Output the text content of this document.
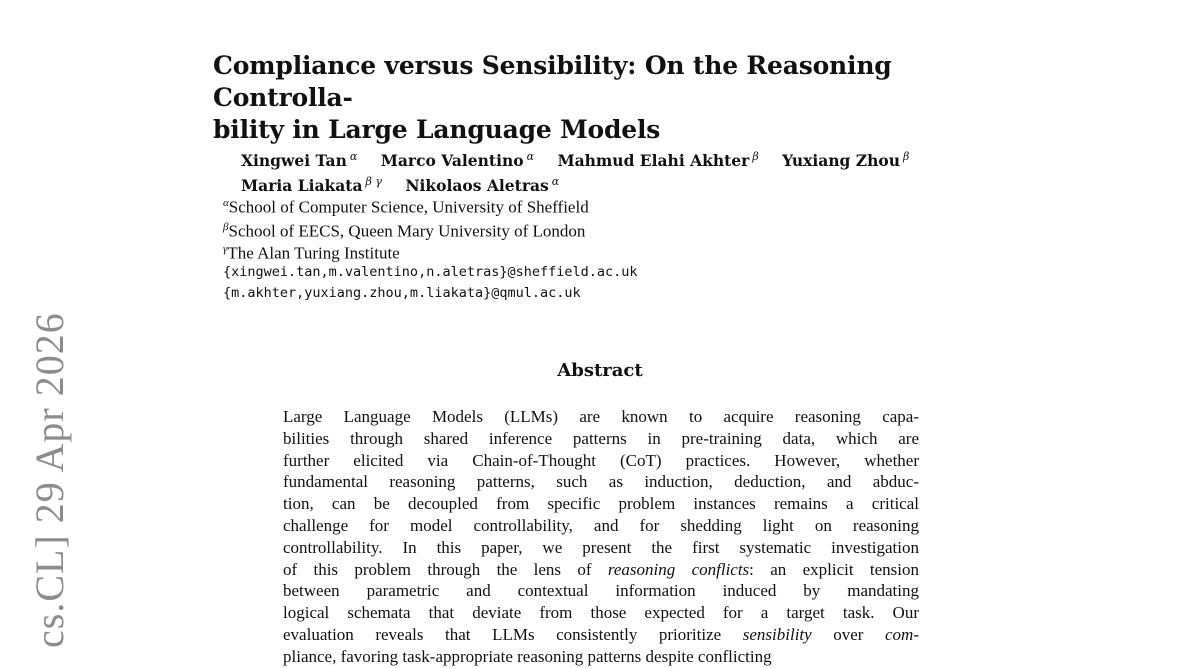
Compliance versus Sensibility: On the Reasoning Controlla-
bility in Large Language Models
Xingwei Tan $^\alpha$ Marco Valentino $^\alpha$ Mahmud Elahi Akhter $^\beta$ Yuxiang Zhou $^\beta$
Maria Liakata $^{\beta \gamma}$ Nikolaos Aletras $^\alpha$
$^\alpha$School of Computer Science, University of Sheffield
$^\beta$School of EECS, Queen Mary University of London
$^\gamma$The Alan Turing Institute
{xingwei.tan,m.valentino,n.aletras}@sheffield.ac.uk
{m.akhter,yuxiang.zhou,m.liakata}@qmul.ac.uk
Abstract
Large Language Models (LLMs) are known to acquire reasoning capa-
bilities through shared inference patterns in pre-training data, which are
further elicited via Chain-of-Thought (CoT) practices. However, whether
fundamental reasoning patterns, such as induction, deduction, and abduc-
tion, can be decoupled from specific problem instances remains a critical
challenge for model controllability, and for shedding light on reasoning
controllability. In this paper, we present the first systematic investigation
of this problem through the lens of reasoning conflicts: an explicit tension
between parametric and contextual information induced by mandating
logical schemata that deviate from those expected for a target task. Our
evaluation reveals that LLMs consistently prioritize sensibility over com-
pliance, favoring task-appropriate reasoning patterns despite conflicting
cs.CL] 29 Apr 2026
